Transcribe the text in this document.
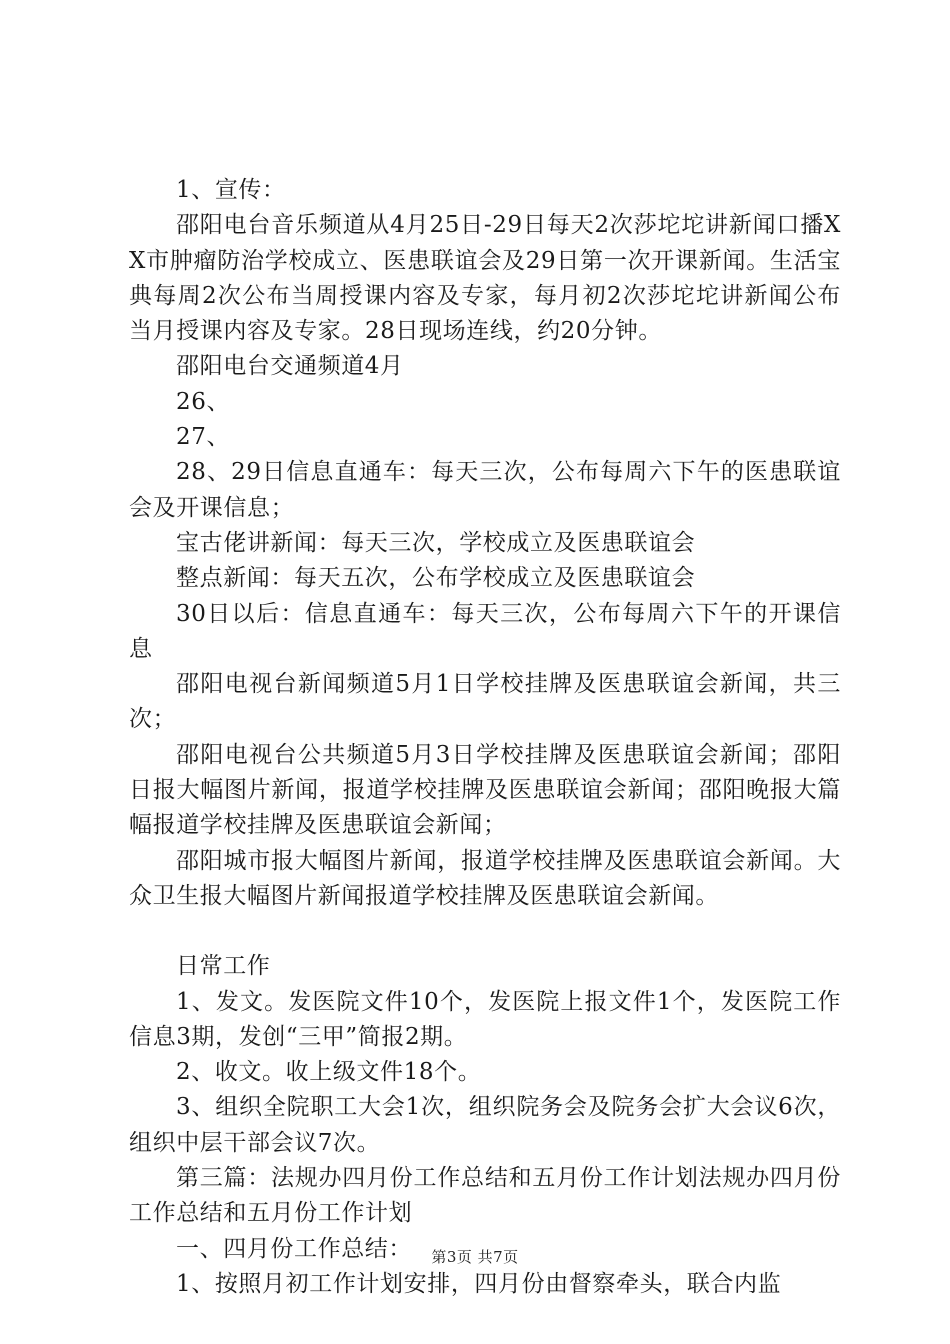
1、宣传：

邵阳电台音乐频道从4月25日-29日每天2次莎坨坨讲新闻口播XX市肿瘤防治学校成立、医患联谊会及29日第一次开课新闻。生活宝典每周2次公布当周授课内容及专家，每月初2次莎坨坨讲新闻公布当月授课内容及专家。28日现场连线，约20分钟。

邵阳电台交通频道4月

26、

27、

28、29日信息直通车：每天三次，公布每周六下午的医患联谊会及开课信息；

宝古佬讲新闻：每天三次，学校成立及医患联谊会

整点新闻：每天五次，公布学校成立及医患联谊会

30日以后：信息直通车：每天三次，公布每周六下午的开课信息

邵阳电视台新闻频道5月1日学校挂牌及医患联谊会新闻，共三次；

邵阳电视台公共频道5月3日学校挂牌及医患联谊会新闻；邵阳日报大幅图片新闻，报道学校挂牌及医患联谊会新闻；邵阳晚报大篇幅报道学校挂牌及医患联谊会新闻；

邵阳城市报大幅图片新闻，报道学校挂牌及医患联谊会新闻。大众卫生报大幅图片新闻报道学校挂牌及医患联谊会新闻。

日常工作

1、发文。发医院文件10个，发医院上报文件1个，发医院工作信息3期，发创“三甲”简报2期。

2、收文。收上级文件18个。

3、组织全院职工大会1次，组织院务会及院务会扩大会议6次，组织中层干部会议7次。

第三篇：法规办四月份工作总结和五月份工作计划法规办四月份工作总结和五月份工作计划

一、四月份工作总结：

1、按照月初工作计划安排，四月份由督察牵头，联合内监

第3页 共7页
